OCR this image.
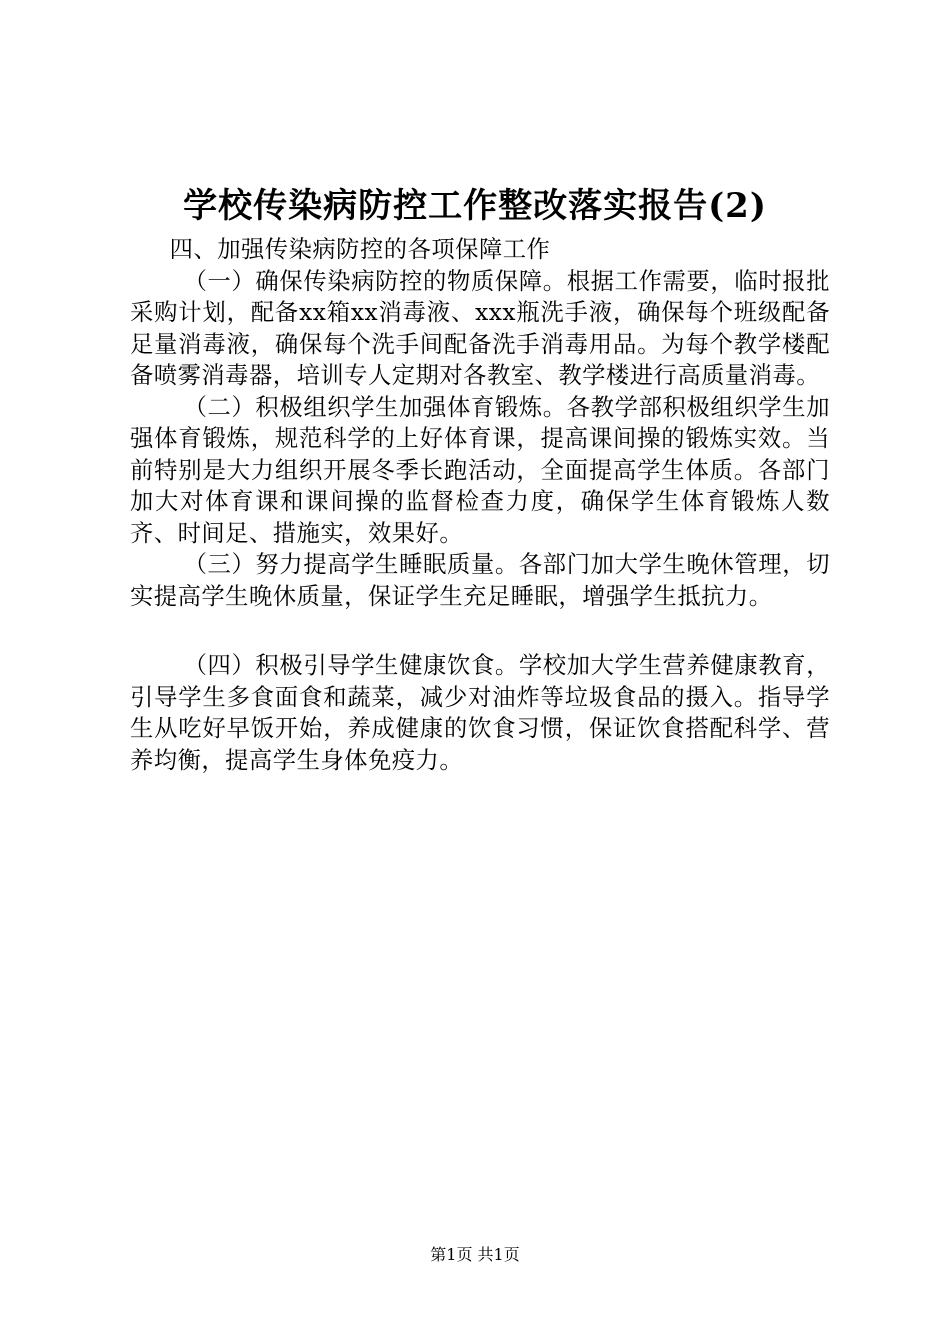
学校传染病防控工作整改落实报告(2)

四、加强传染病防控的各项保障工作

（一）确保传染病防控的物质保障。根据工作需要，临时报批采购计划，配备xx箱xx消毒液、xxx瓶洗手液，确保每个班级配备足量消毒液，确保每个洗手间配备洗手消毒用品。为每个教学楼配备喷雾消毒器，培训专人定期对各教室、教学楼进行高质量消毒。

（二）积极组织学生加强体育锻炼。各教学部积极组织学生加强体育锻炼，规范科学的上好体育课，提高课间操的锻炼实效。当前特别是大力组织开展冬季长跑活动，全面提高学生体质。各部门加大对体育课和课间操的监督检查力度，确保学生体育锻炼人数齐、时间足、措施实，效果好。

（三）努力提高学生睡眠质量。各部门加大学生晚休管理，切实提高学生晚休质量，保证学生充足睡眠，增强学生抵抗力。

（四）积极引导学生健康饮食。学校加大学生营养健康教育，引导学生多食面食和蔬菜，减少对油炸等垃圾食品的摄入。指导学生从吃好早饭开始，养成健康的饮食习惯，保证饮食搭配科学、营养均衡，提高学生身体免疫力。

第1页 共1页
